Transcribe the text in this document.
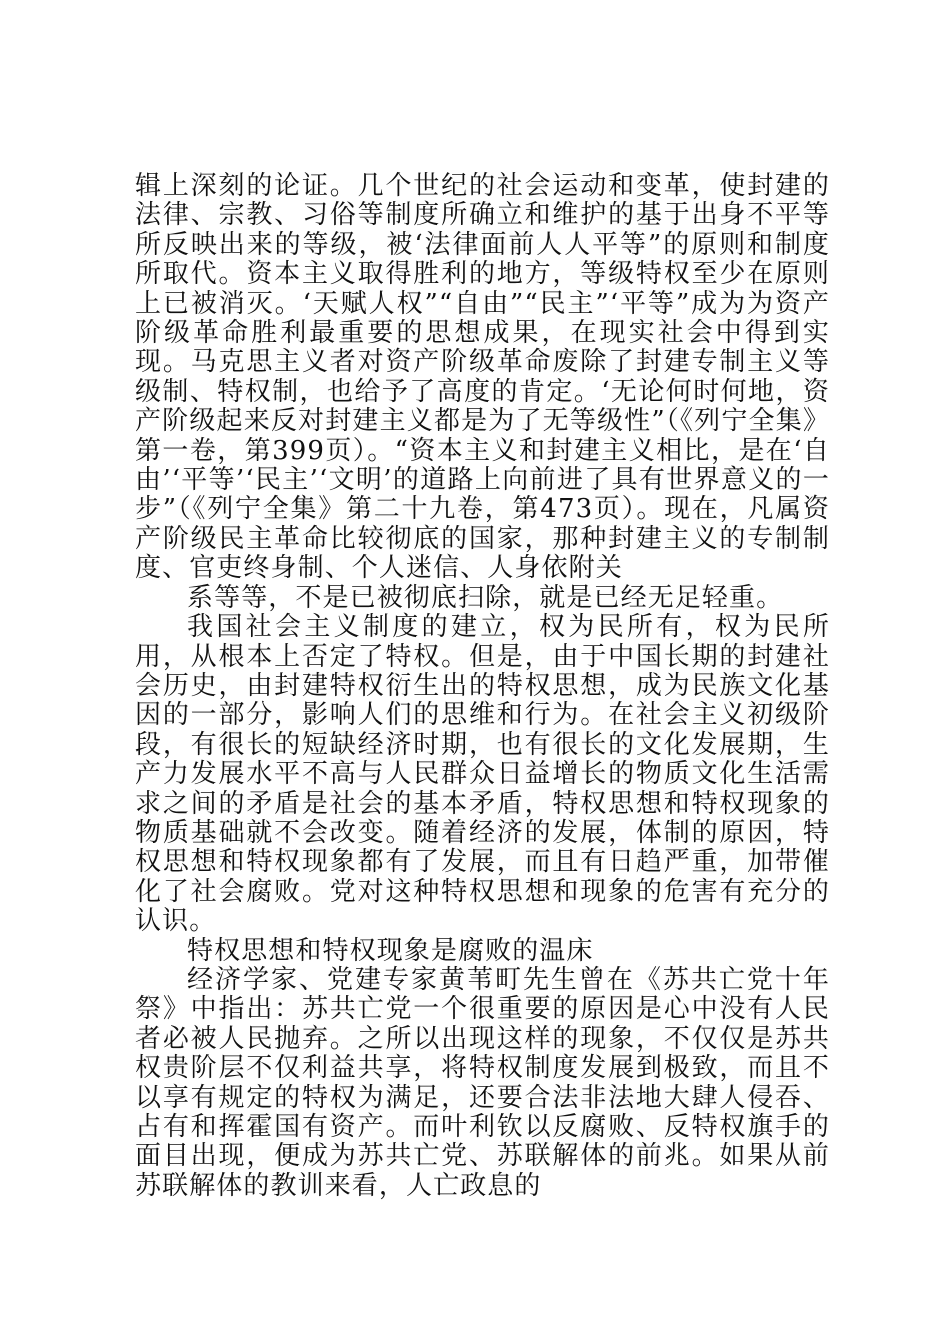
辑上深刻的论证。几个世纪的社会运动和变革，使封建的法律、宗教、习俗等制度所确立和维护的基于出身不平等所反映出来的等级，被‘法律面前人人平等”的原则和制度所取代。资本主义取得胜利的地方，等级特权至少在原则上已被消灭。‘天赋人权”“自由”“民主”‘平等”成为为资产阶级革命胜利最重要的思想成果，在现实社会中得到实现。马克思主义者对资产阶级革命废除了封建专制主义等级制、特权制，也给予了高度的肯定。‘无论何时何地，资产阶级起来反对封建主义都是为了无等级性”（《列宁全集》第一卷，第399页）。“资本主义和封建主义相比，是在‘自由’‘平等’‘民主’‘文明’的道路上向前进了具有世界意义的一步”（《列宁全集》第二十九卷，第473页）。现在，凡属资产阶级民主革命比较彻底的国家，那种封建主义的专制制度、官吏终身制、个人迷信、人身依附关

系等等，不是已被彻底扫除，就是已经无足轻重。

我国社会主义制度的建立，权为民所有，权为民所用，从根本上否定了特权。但是，由于中国长期的封建社会历史，由封建特权衍生出的特权思想，成为民族文化基因的一部分，影响人们的思维和行为。在社会主义初级阶段，有很长的短缺经济时期，也有很长的文化发展期，生产力发展水平不高与人民群众日益增长的物质文化生活需求之间的矛盾是社会的基本矛盾，特权思想和特权现象的物质基础就不会改变。随着经济的发展，体制的原因，特权思想和特权现象都有了发展，而且有日趋严重，加带催化了社会腐败。党对这种特权思想和现象的危害有充分的认识。

特权思想和特权现象是腐败的温床

经济学家、党建专家黄苇町先生曾在《苏共亡党十年祭》中指出：苏共亡党一个很重要的原因是心中没有人民者必被人民抛弃。之所以出现这样的现象，不仅仅是苏共权贵阶层不仅利益共享，将特权制度发展到极致，而且不以享有规定的特权为满足，还要合法非法地大肆人侵吞、占有和挥霍国有资产。而叶利钦以反腐败、反特权旗手的面目出现，便成为苏共亡党、苏联解体的前兆。如果从前苏联解体的教训来看，人亡政息的
